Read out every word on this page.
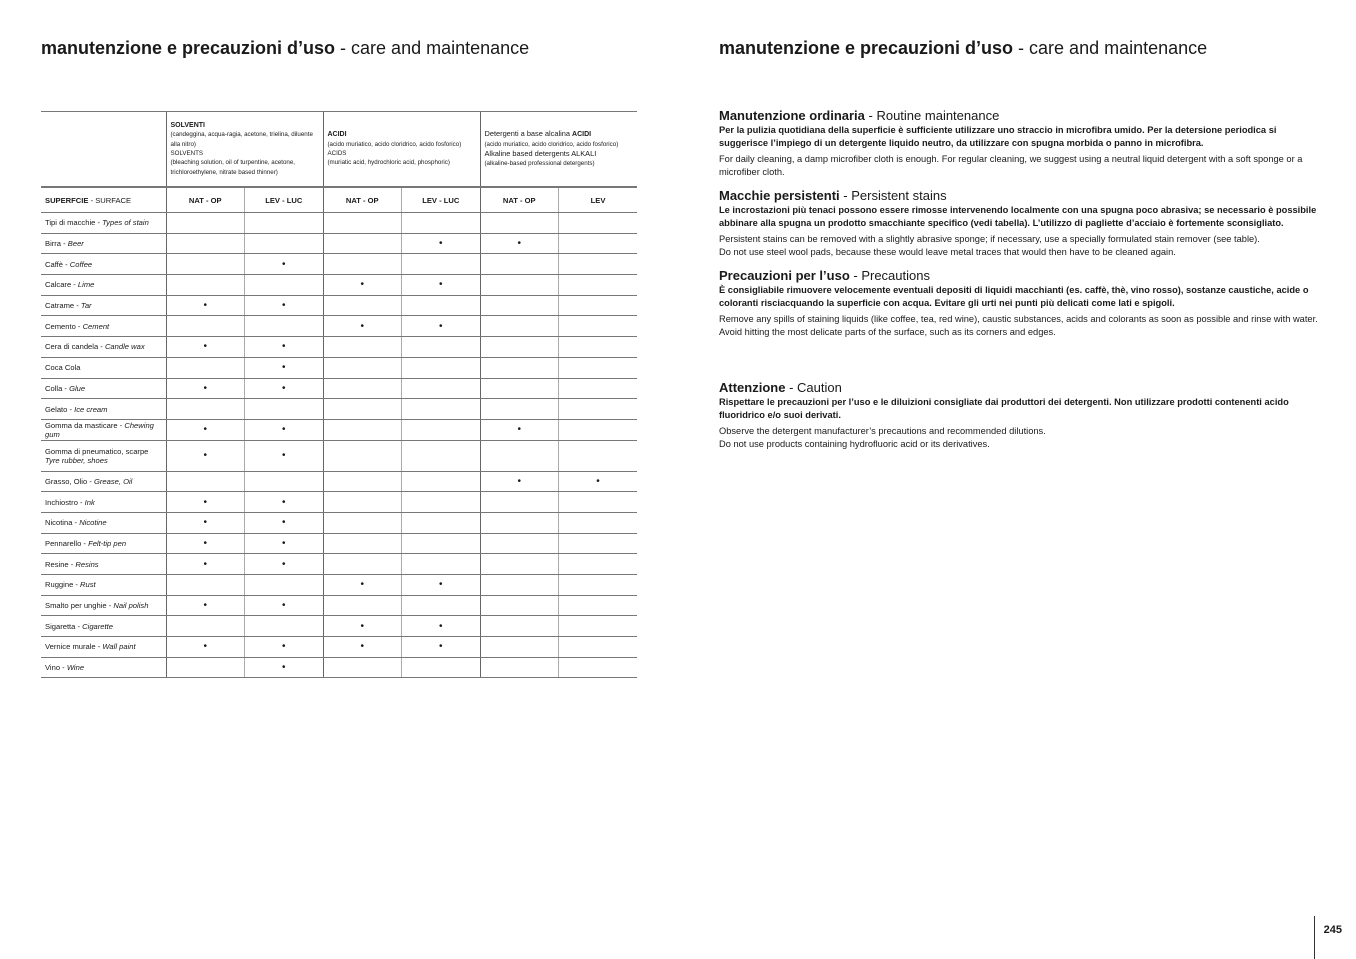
manutenzione e precauzioni d’uso - care and maintenance	manutenzione e precauzioni d’uso - care and maintenance
	SOLVENTI
(candeggina, acqua-ragia, acetone, trielina, diluente alla nitro)
SOLVENTS
(bleaching solution, oil of turpentine, acetone, trichloroethylene, nitrate based thinner)		ACIDI
(acido muriatico, acido cloridrico, acido fosforico)
ACIDS
(muriatic acid, hydrochloric acid, phosphoric)		Detergenti a base alcalina ACIDI
(acido muriatico, acido cloridrico, acido fosforico)
Alkaline based detergents ALKALI
(alkaline-based professional detergents)	
SUPERFCIE - SURFACE	NAT - OP	LEV - LUC	NAT - OP	LEV - LUC	NAT - OP	LEV
Tipi di macchie - Types of stain						
Birra - Beer				•	•	
Caffè - Coffee		•				
Calcare - Lime			•	•		
Catrame - Tar	•	•				
Cemento - Cement			•	•		
Cera di candela - Candle wax	•	•				
Coca Cola		•				
Colla - Glue	•	•				
Gelato - Ice cream						
Gomma da masticare - Chewing gum	•	•			•	
Gomma di pneumatico, scarpe
Tyre rubber, shoes	•	•				
Grasso, Olio - Grease, Oil					•	•
Inchiostro - Ink	•	•				
Nicotina - Nicotine	•	•				
Pennarello - Felt-tip pen	•	•				
Resine - Resins	•	•				
Ruggine - Rust			•	•		
Smalto per unghie - Nail polish	•	•				
Sigaretta - Cigarette			•	•		
Vernice murale - Wall paint	•	•	•	•		
Vino - Wine		•				
Manutenzione ordinaria - Routine maintenance

Per la pulizia quotidiana della superficie è sufficiente utilizzare uno straccio in microfibra umido. Per la detersione periodica si suggerisce l’impiego di un detergente liquido neutro, da utilizzare con spugna morbida o panno in microfibra.

For daily cleaning, a damp microfiber cloth is enough. For regular cleaning, we suggest using a neutral liquid detergent with a soft sponge or a microfiber cloth.

Macchie persistenti - Persistent stains

Le incrostazioni più tenaci possono essere rimosse intervenendo localmente con una spugna poco abrasiva; se necessario è possibile abbinare alla spugna un prodotto smacchiante specifico (vedi tabella). L’utilizzo di pagliette d’acciaio è fortemente sconsigliato.

Persistent stains can be removed with a slightly abrasive sponge; if necessary, use a specially formulated stain remover (see table).
Do not use steel wool pads, because these would leave metal traces that would then have to be cleaned again.

Precauzioni per l’uso - Precautions

È consigliabile rimuovere velocemente eventuali depositi di liquidi macchianti (es. caffè, thè, vino rosso), sostanze caustiche, acide o coloranti risciacquando la superficie con acqua. Evitare gli urti nei punti più delicati come lati e spigoli.

Remove any spills of staining liquids (like coffee, tea, red wine), caustic substances, acids and colorants as soon as possible and rinse with water. Avoid hitting the most delicate parts of the surface, such as its corners and edges.

Attenzione - Caution

Rispettare le precauzioni per l’uso e le diluizioni consigliate dai produttori dei detergenti. Non utilizzare prodotti contenenti acido fluoridrico e/o suoi derivati.

Observe the detergent manufacturer’s precautions and recommended dilutions.
Do not use products containing hydrofluoric acid or its derivatives.

245
